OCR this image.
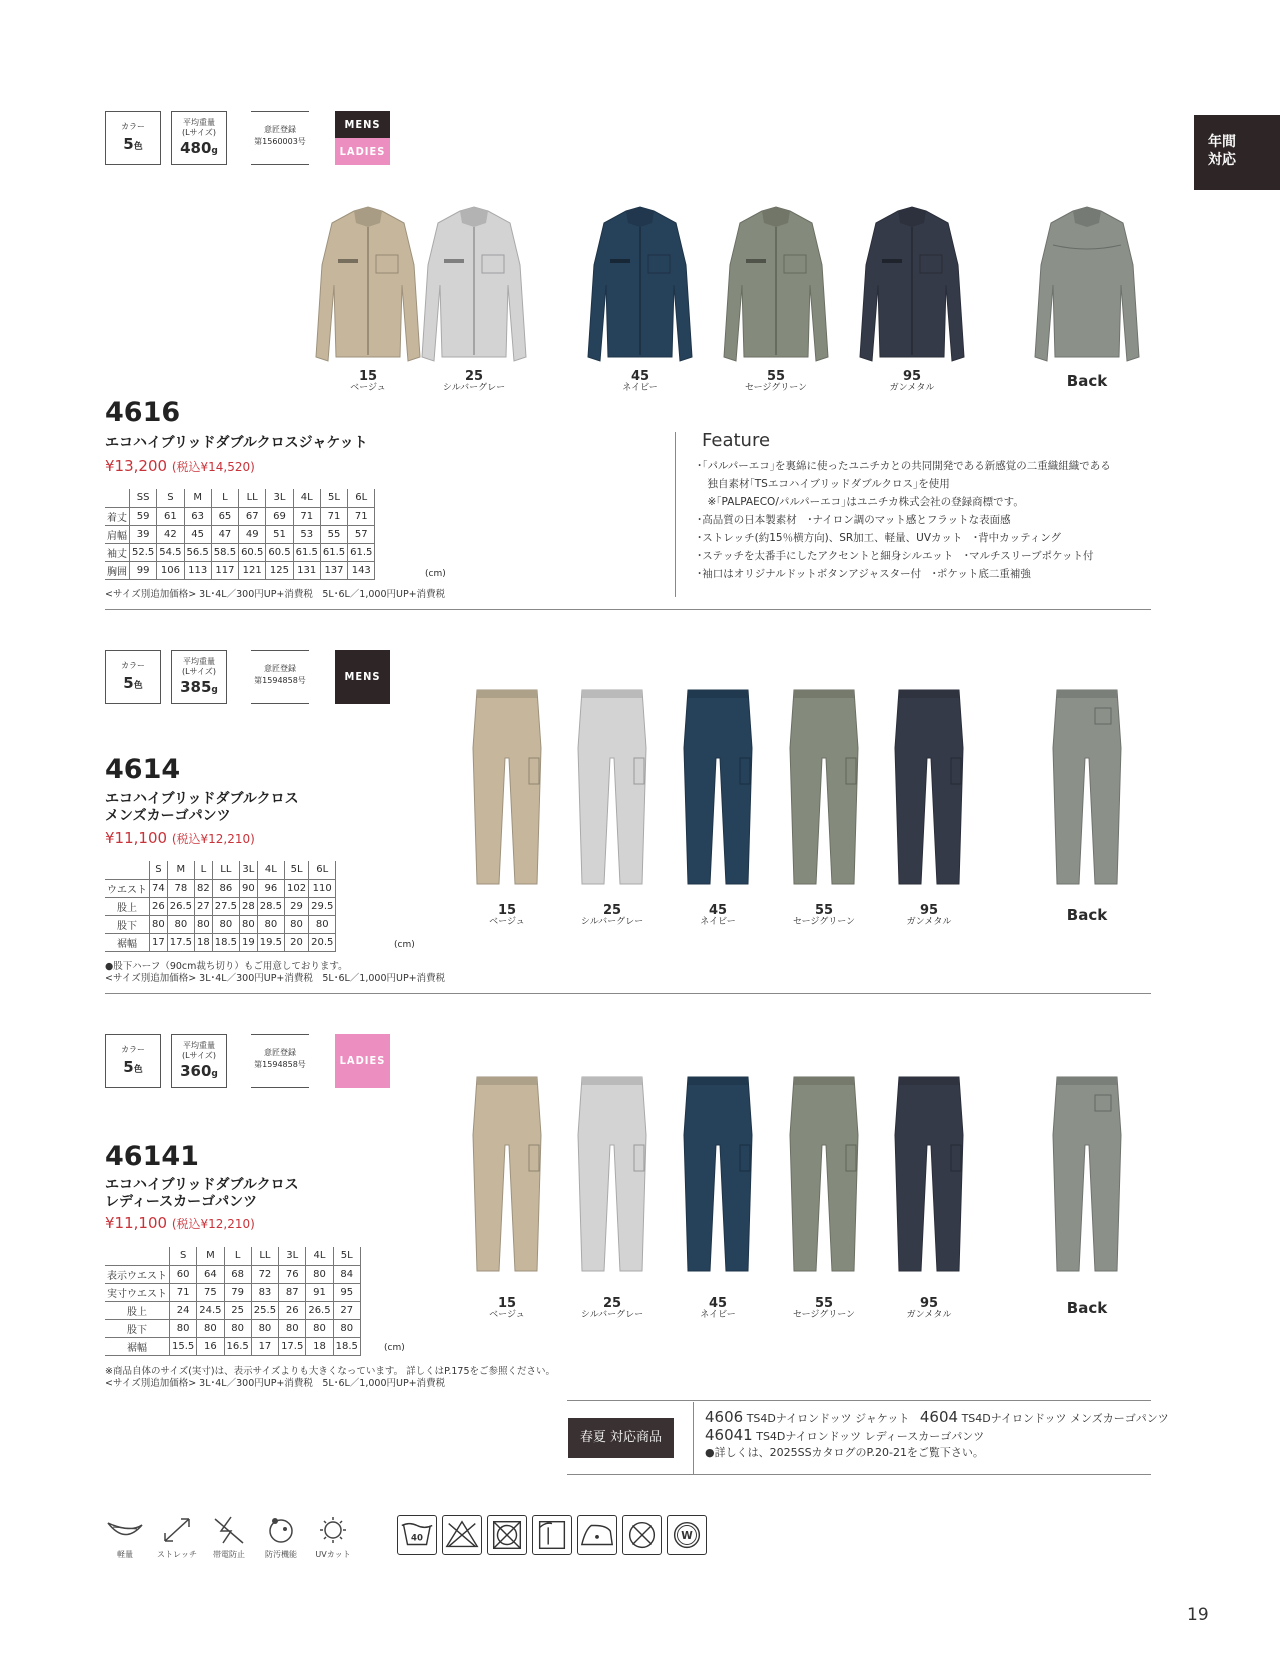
年間
対応
カラー
5色
平均重量
(Lサイズ)
480g
意匠登録
第1560003号
MENS
LADIES
15
ベージュ
25
シルバーグレー
45
ネイビー
55
セージグリーン
95
ガンメタル	Back
4616
エコハイブリッドダブルクロスジャケット
¥13,200 (税込¥14,520)
	SS	S	M	L	LL	3L	4L	5L	6L
着丈	59	61	63	65	67	69	71	71	71
肩幅	39	42	45	47	49	51	53	55	57
袖丈	52.5	54.5	56.5	58.5	60.5	60.5	61.5	61.5	61.5
胸囲	99	106	113	117	121	125	131	137	143	(cm)
<サイズ別追加価格> 3L･4L／300円UP+消費税　5L･6L／1,000円UP+消費税
Feature
･｢パルパーエコ｣を裏綿に使ったユニチカとの共同開発である新感覚の二重織組織である
　独自素材｢TSエコハイブリッドダブルクロス｣を使用
　※｢PALPAECO/パルパーエコ｣はユニチカ株式会社の登録商標です。
･高品質の日本製素材　･ナイロン調のマット感とフラットな表面感
･ストレッチ(約15％横方向)、SR加工、軽量、UVカット　･背中カッティング
･ステッチを太番手にしたアクセントと細身シルエット　･マルチスリーブポケット付
･袖口はオリジナルドットボタンアジャスター付　･ポケット底二重補強
カラー
5色
平均重量
(Lサイズ)
385g
意匠登録
第1594858号	MENS
15
ベージュ
25
シルバーグレー
45
ネイビー
55
セージグリーン
95
ガンメタル	Back
4614
エコハイブリッドダブルクロス
メンズカーゴパンツ
¥11,100 (税込¥12,210)
	S	M	L	LL	3L	4L	5L	6L
ウエスト	74	78	82	86	90	96	102	110
股上	26	26.5	27	27.5	28	28.5	29	29.5
股下	80	80	80	80	80	80	80	80
裾幅	17	17.5	18	18.5	19	19.5	20	20.5	(cm)
●股下ハーフ（90cm裁ち切り）もご用意しております。
<サイズ別追加価格> 3L･4L／300円UP+消費税　5L･6L／1,000円UP+消費税
カラー
5色
平均重量
(Lサイズ)
360g
意匠登録
第1594858号	LADIES
15
ベージュ
25
シルバーグレー
45
ネイビー
55
セージグリーン
95
ガンメタル	Back
46141
エコハイブリッドダブルクロス
レディースカーゴパンツ
¥11,100 (税込¥12,210)
	S	M	L	LL	3L	4L	5L
表示ウエスト	60	64	68	72	76	80	84
実寸ウエスト	71	75	79	83	87	91	95
股上	24	24.5	25	25.5	26	26.5	27
股下	80	80	80	80	80	80	80
裾幅	15.5	16	16.5	17	17.5	18	18.5	(cm)
※商品自体のサイズ(実寸)は、表示サイズよりも大きくなっています。 詳しくはP.175をご参照ください。
<サイズ別追加価格> 3L･4L／300円UP+消費税　5L･6L／1,000円UP+消費税
春夏 対応商品
4606 TS4Dナイロンドッツ ジャケット 4604 TS4Dナイロンドッツ メンズカーゴパンツ
46041 TS4Dナイロンドッツ レディースカーゴパンツ
●詳しくは、2025SSカタログのP.20-21をご覧下さい。
軽量	ストレッチ	帯電防止	防汚機能	UVカット
40	W
19
